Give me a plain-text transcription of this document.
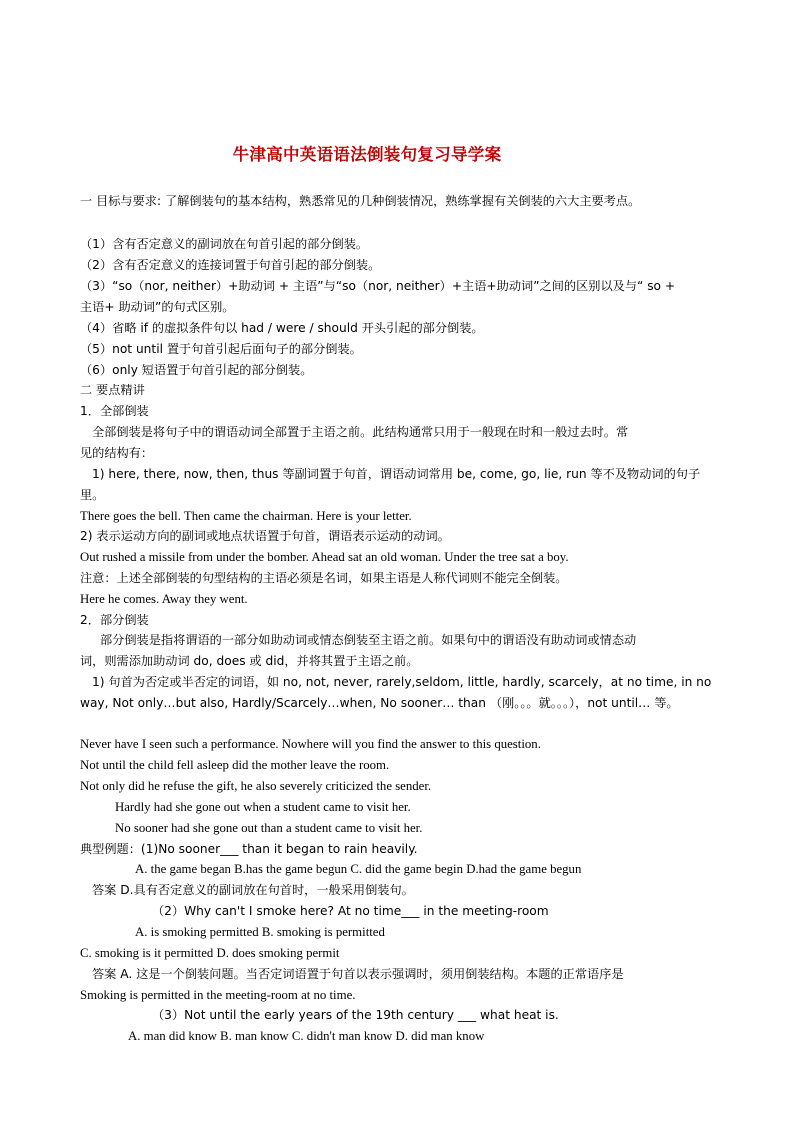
牛津高中英语语法倒装句复习导学案
一 目标与要求: 了解倒装句的基本结构，熟悉常见的几种倒装情况，熟练掌握有关倒装的六大主要考点。
（1）含有否定意义的副词放在句首引起的部分倒装。
（2）含有否定意义的连接词置于句首引起的部分倒装。
（3）“so（nor, neither）+助动词 + 主语”与“so（nor, neither）+主语+助动词”之间的区别以及与“ so +
主语+ 助动词”的句式区别。
（4）省略 if 的虚拟条件句以 had / were / should 开头引起的部分倒装。
（5）not until 置于句首引起后面句子的部分倒装。
（6）only 短语置于句首引起的部分倒装。
二 要点精讲
1．全部倒装
全部倒装是将句子中的谓语动词全部置于主语之前。此结构通常只用于一般现在时和一般过去时。常
见的结构有：
1) here, there, now, then, thus 等副词置于句首，谓语动词常用 be, come, go, lie, run 等不及物动词的句子
里。
There goes the bell. Then came the chairman. Here is your letter.
2) 表示运动方向的副词或地点状语置于句首，谓语表示运动的动词。
Out rushed a missile from under the bomber. Ahead sat an old woman. Under the tree sat a boy.
注意：上述全部倒装的句型结构的主语必须是名词，如果主语是人称代词则不能完全倒装。
Here he comes. Away they went.
2．部分倒装
部分倒装是指将谓语的一部分如助动词或情态倒装至主语之前。如果句中的谓语没有助动词或情态动
词，则需添加助动词 do, does 或 did，并将其置于主语之前。
1) 句首为否定或半否定的词语，如 no, not, never, rarely,seldom, little, hardly, scarcely，at no time, in no
way, Not only…but also, Hardly/Scarcely…when, No sooner… than （刚。。。就。。。），not until… 等。
Never have I seen such a performance. Nowhere will you find the answer to this question.
Not until the child fell asleep did the mother leave the room.
Not only did he refuse the gift, he also severely criticized the sender.
Hardly had she gone out when a student came to visit her.
No sooner had she gone out than a student came to visit her.
典型例题：(1)No sooner___ than it began to rain heavily.
A. the game began B.has the game begun C. did the game begin D.had the game begun
答案 D.具有否定意义的副词放在句首时，一般采用倒装句。
（2）Why can't I smoke here? At no time___ in the meeting-room
A. is smoking permitted B. smoking is permitted
C. smoking is it permitted D. does smoking permit
答案 A. 这是一个倒装问题。当否定词语置于句首以表示强调时，须用倒装结构。本题的正常语序是
Smoking is permitted in the meeting-room at no time.
（3）Not until the early years of the 19th century ___ what heat is.
A. man did know B. man know C. didn't man know D. did man know
